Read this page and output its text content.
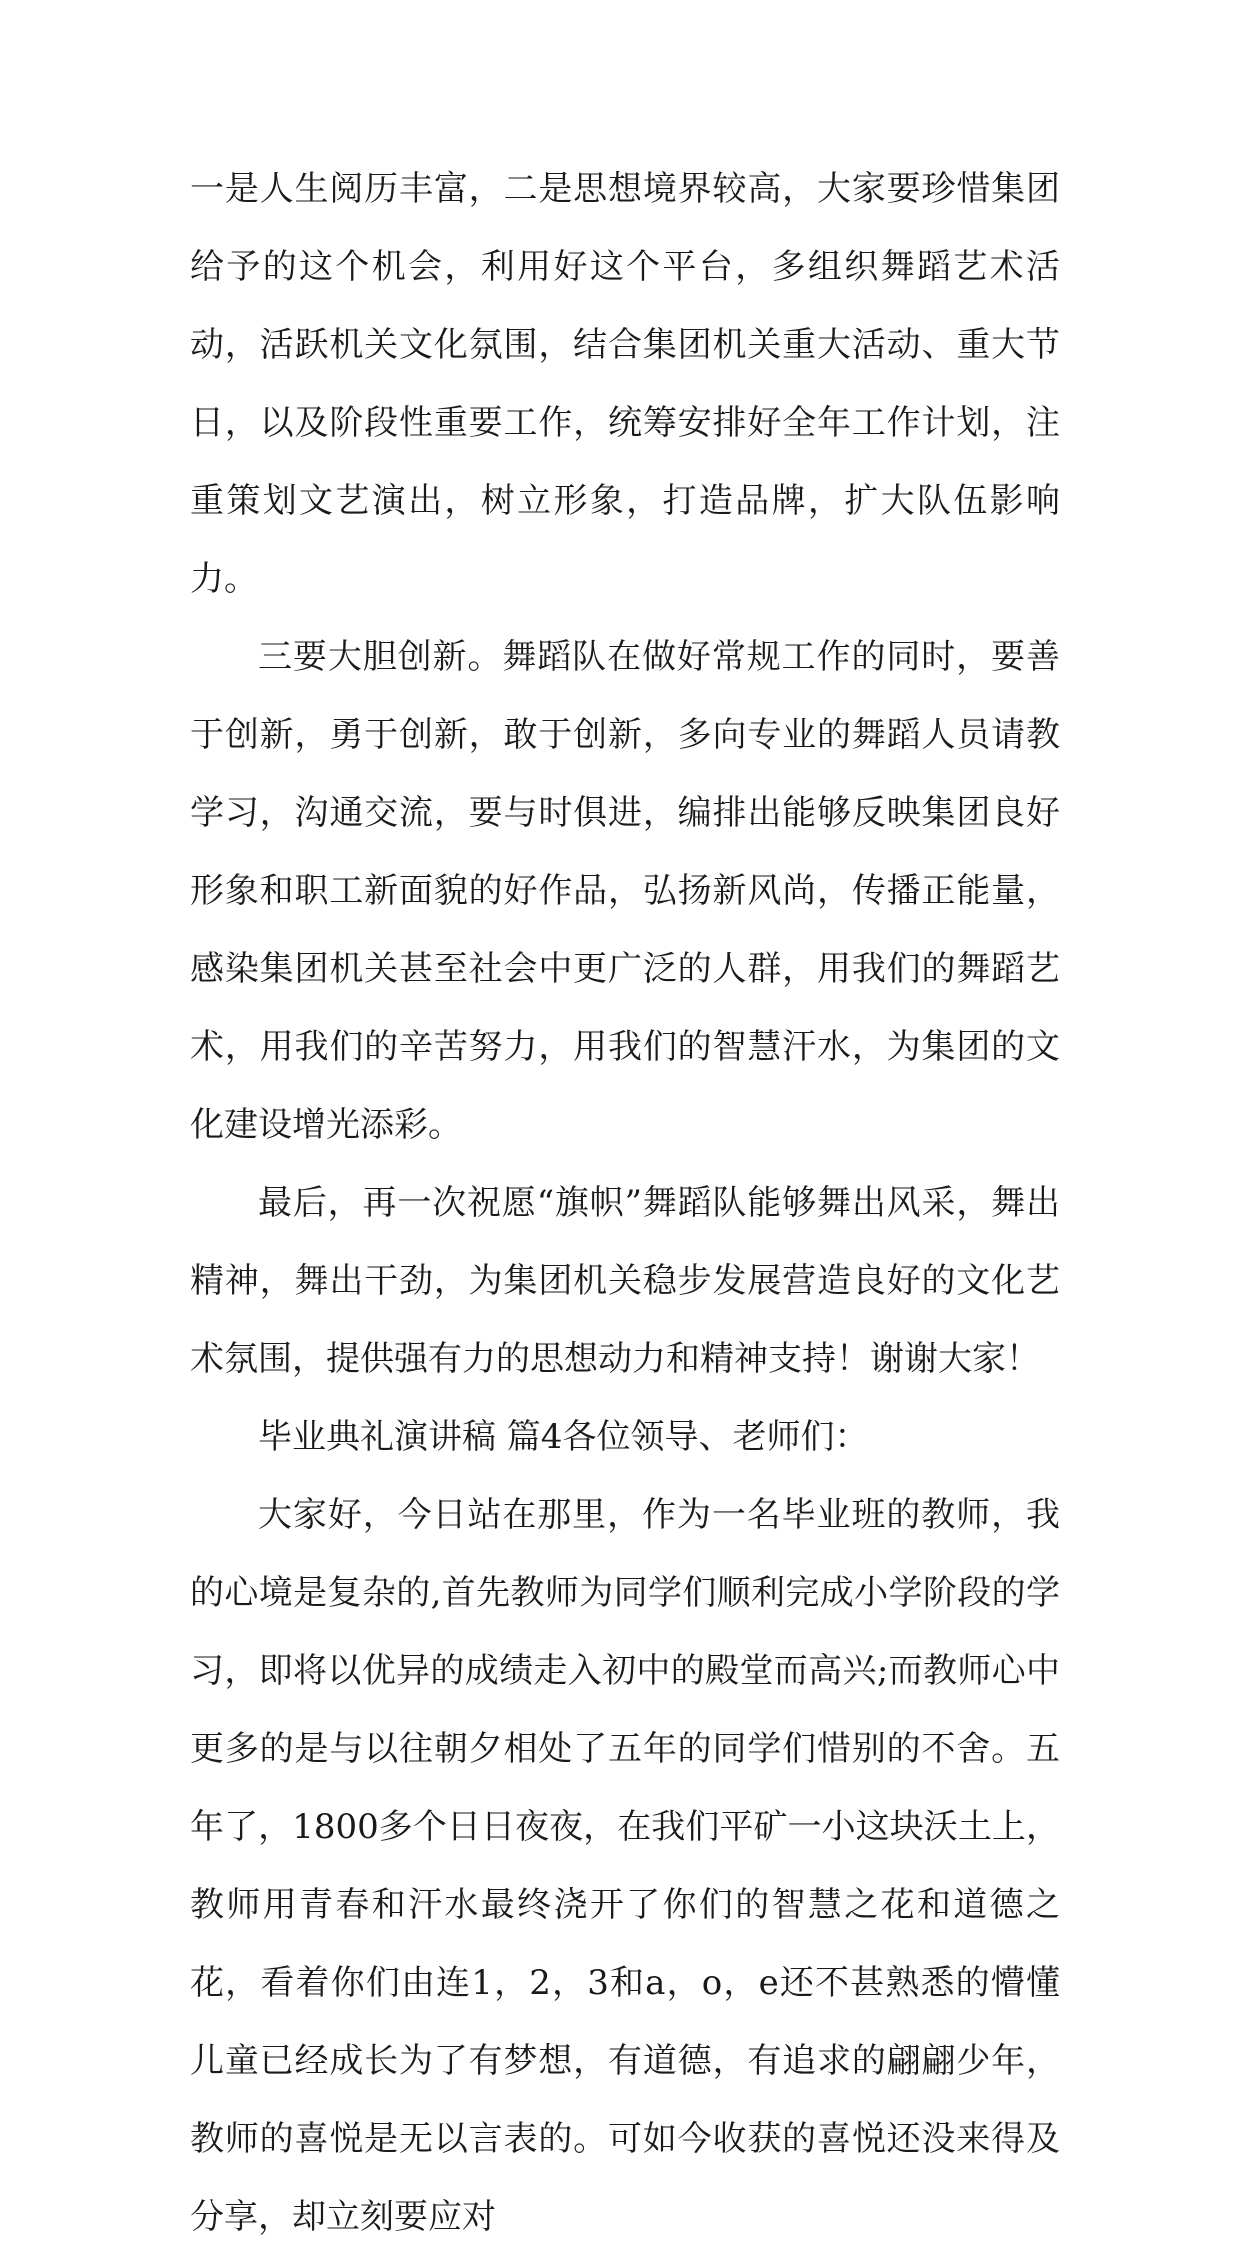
一是人生阅历丰富，二是思想境界较高，大家要珍惜集团给予的这个机会，利用好这个平台，多组织舞蹈艺术活动，活跃机关文化氛围，结合集团机关重大活动、重大节日，以及阶段性重要工作，统筹安排好全年工作计划，注重策划文艺演出，树立形象，打造品牌，扩大队伍影响力。

三要大胆创新。舞蹈队在做好常规工作的同时，要善于创新，勇于创新，敢于创新，多向专业的舞蹈人员请教学习，沟通交流，要与时俱进，编排出能够反映集团良好形象和职工新面貌的好作品，弘扬新风尚，传播正能量，感染集团机关甚至社会中更广泛的人群，用我们的舞蹈艺术，用我们的辛苦努力，用我们的智慧汗水，为集团的文化建设增光添彩。

最后，再一次祝愿“旗帜”舞蹈队能够舞出风采，舞出精神，舞出干劲，为集团机关稳步发展营造良好的文化艺术氛围，提供强有力的思想动力和精神支持！谢谢大家！

毕业典礼演讲稿 篇4各位领导、老师们：

大家好，今日站在那里，作为一名毕业班的教师，我的心境是复杂的,首先教师为同学们顺利完成小学阶段的学习，即将以优异的成绩走入初中的殿堂而高兴;而教师心中更多的是与以往朝夕相处了五年的同学们惜别的不舍。五年了，1800多个日日夜夜，在我们平矿一小这块沃土上，教师用青春和汗水最终浇开了你们的智慧之花和道德之花，看着你们由连1，2，3和a，o，e还不甚熟悉的懵懂儿童已经成长为了有梦想，有道德，有追求的翩翩少年，教师的喜悦是无以言表的。可如今收获的喜悦还没来得及分享，却立刻要应对
